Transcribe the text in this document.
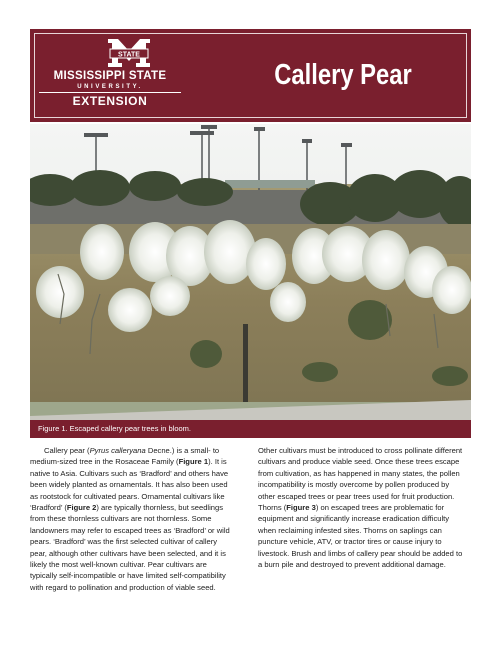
STATE
MISSISSIPPI STATE
UNIVERSITY.
EXTENSION
Callery Pear
Figure 1. Escaped callery pear trees in bloom.

Callery pear (Pyrus calleryana Decne.) is a small- to medium-sized tree in the Rosaceae Family (Figure 1). It is native to Asia. Cultivars such as ‘Bradford’ and others have been widely planted as ornamentals. It has also been used as rootstock for cultivated pears. Ornamental cultivars like ‘Bradford’ (Figure 2) are typically thornless, but seedlings from these thornless cultivars are not thornless. Some landowners may refer to escaped trees as ‘Bradford’ or wild pears. ‘Bradford’ was the first selected cultivar of callery pear, although other cultivars have been selected, and it is likely the most well-known cultivar. Pear cultivars are typically self-incompatible or have limited self-compatibility with regard to pollination and production of viable seed.

Other cultivars must be introduced to cross pollinate different cultivars and produce viable seed. Once these trees escape from cultivation, as has happened in many states, the pollen incompatibility is mostly overcome by pollen produced by other escaped trees or pear trees used for fruit production. Thorns (Figure 3) on escaped trees are problematic for equipment and significantly increase eradication difficulty when reclaiming infested sites. Thorns on saplings can puncture vehicle, ATV, or tractor tires or cause injury to livestock. Brush and limbs of callery pear should be added to a burn pile and destroyed to prevent additional damage.
